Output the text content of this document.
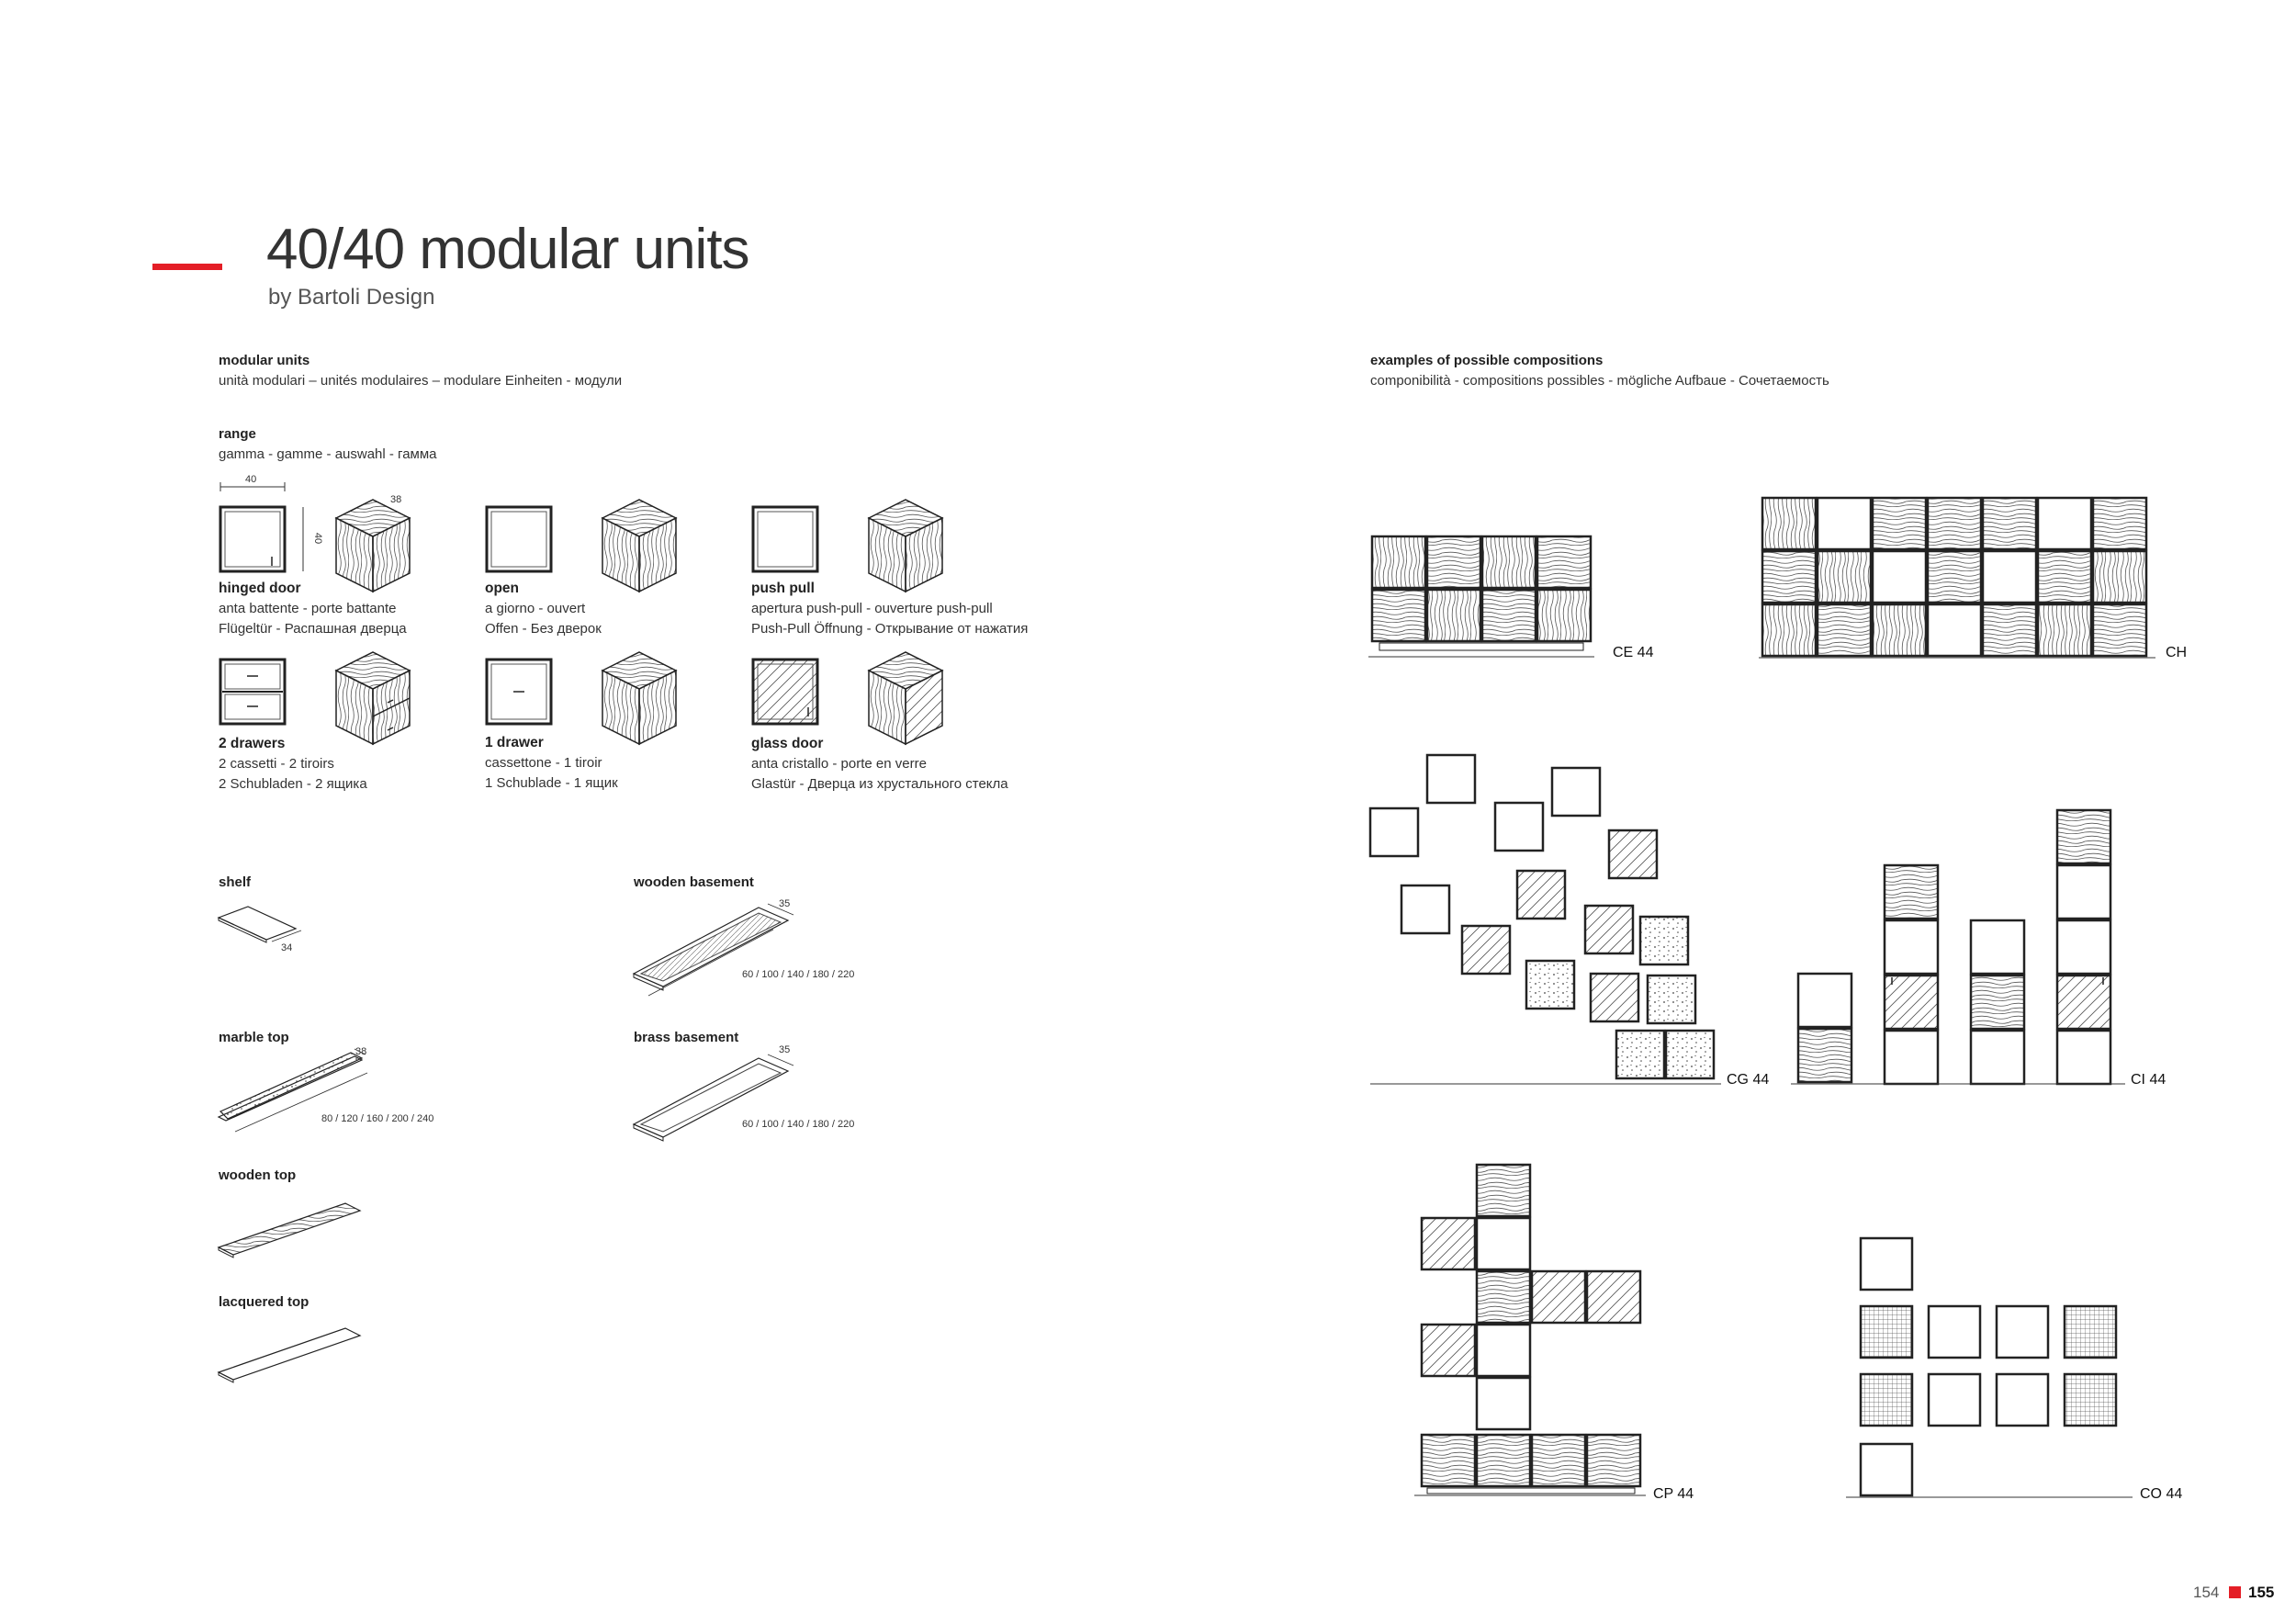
40/40 modular units
by Bartoli Design
modular units
unità modulari – unités modulaires – modulare Einheiten - модули
range
gamma - gamme - auswahl - гамма
40
40
38
hinged door
anta battente - porte battante
Flügeltür - Распашная дверца
open
a giorno - ouvert
Offen - Без дверок
push pull
apertura push-pull - ouverture push-pull
Push-Pull Öffnung - Открывание от нажатия
2 drawers
2 cassetti - 2 tiroirs
2 Schubladen - 2 ящика
1 drawer
cassettone - 1 tiroir
1 Schublade - 1 ящик
glass door
anta cristallo - porte en verre
Glastür - Дверца из хрустального стекла
shelf
34
marble top
38
80 / 120 / 160 / 200 / 240
wooden top
lacquered top
wooden basement
35
60 / 100 / 140 / 180 / 220
brass basement
35
60 / 100 / 140 / 180 / 220
examples of possible compositions
componibilità - compositions possibles - mögliche Aufbaue - Сочетаемость
CE 44	CH
CG 44	CI 44
CP 44	CO 44
154 155
